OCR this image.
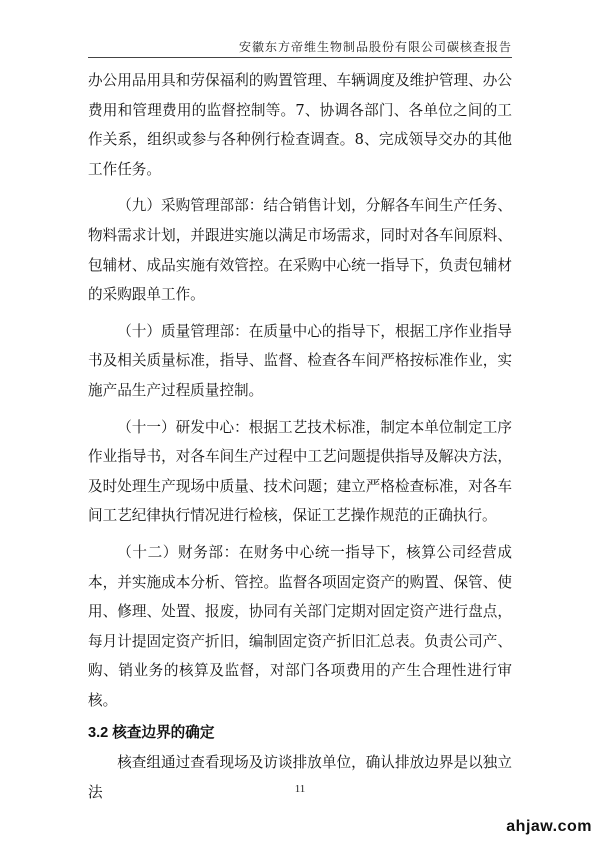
安徽东方帝维生物制品股份有限公司碳核查报告

办公用品用具和劳保福利的购置管理、车辆调度及维护管理、办公费用和管理费用的监督控制等。7、协调各部门、各单位之间的工作关系，组织或参与各种例行检查调查。8、完成领导交办的其他工作任务。

（九）采购管理部部：结合销售计划，分解各车间生产任务、物料需求计划，并跟进实施以满足市场需求，同时对各车间原料、包辅材、成品实施有效管控。在采购中心统一指导下，负责包辅材的采购跟单工作。

（十）质量管理部：在质量中心的指导下，根据工序作业指导书及相关质量标准，指导、监督、检查各车间严格按标准作业，实施产品生产过程质量控制。

（十一）研发中心：根据工艺技术标准，制定本单位制定工序作业指导书，对各车间生产过程中工艺问题提供指导及解决方法，及时处理生产现场中质量、技术问题；建立严格检查标准，对各车间工艺纪律执行情况进行检核，保证工艺操作规范的正确执行。

（十二）财务部：在财务中心统一指导下，核算公司经营成本，并实施成本分析、管控。监督各项固定资产的购置、保管、使用、修理、处置、报废，协同有关部门定期对固定资产进行盘点，每月计提固定资产折旧，编制固定资产折旧汇总表。负责公司产、购、销业务的核算及监督，对部门各项费用的产生合理性进行审核。

3.2 核查边界的确定

核查组通过查看现场及访谈排放单位，确认排放边界是以独立法	11
ahjaw.com
